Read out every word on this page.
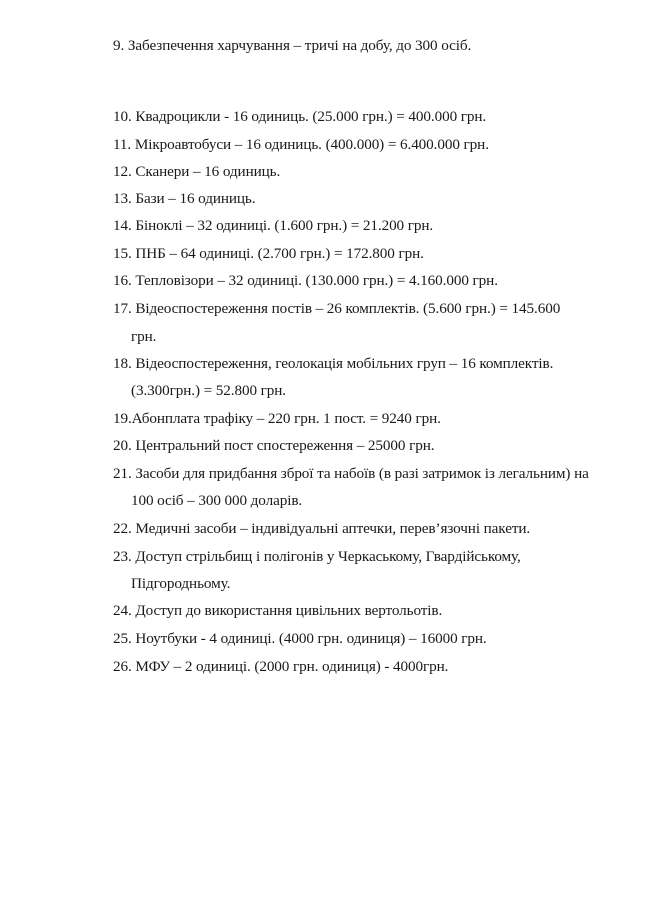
9. Забезпечення харчування – тричі на добу, до 300 осіб.
10. Квадроцикли - 16 одиниць. (25.000 грн.) = 400.000 грн.
11. Мікроавтобуси – 16 одиниць. (400.000) = 6.400.000 грн.
12. Сканери – 16 одиниць.
13. Бази – 16 одиниць.
14. Біноклі – 32 одиниці. (1.600 грн.) = 21.200 грн.
15. ПНБ – 64 одиниці. (2.700 грн.) = 172.800 грн.
16. Тепловізори – 32 одиниці. (130.000 грн.) = 4.160.000 грн.
17. Відеоспостереження постів – 26 комплектів. (5.600 грн.) = 145.600
грн.
18. Відеоспостереження, геолокація мобільних груп – 16 комплектів.
(3.300грн.) = 52.800 грн.
19.Абонплата трафіку – 220 грн. 1 пост. = 9240 грн.
20. Центральний пост спостереження – 25000 грн.
21. Засоби для придбання зброї та набоїв (в разі затримок із легальним) на
100 осіб – 300 000 доларів.
22. Медичні засоби – індивідуальні аптечки, перев’язочні пакети.
23. Доступ стрільбищ і полігонів у Черкаському, Гвардійському,
Підгородньому.
24. Доступ до використання цивільних вертольотів.
25. Ноутбуки - 4 одиниці. (4000 грн. одиниця) – 16000 грн.
26. МФУ – 2 одиниці. (2000 грн. одиниця) - 4000грн.
